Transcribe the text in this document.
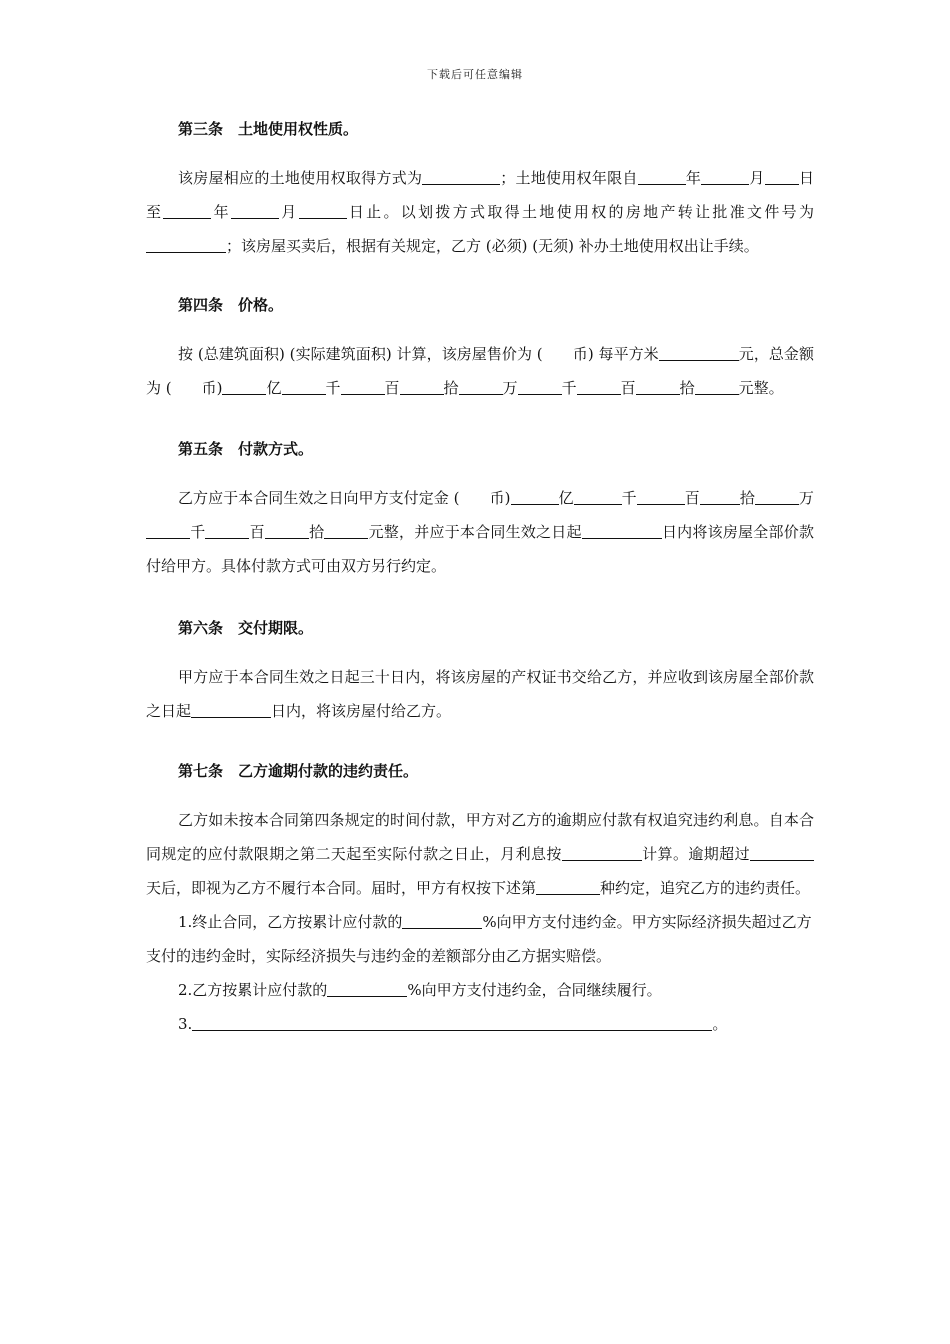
下载后可任意编辑
第三条　土地使用权性质。

该房屋相应的土地使用权取得方式为	；土地使用权年限自	年	月 日至	年	月	日止。以划拨方式取得土地使用权的房地产转让批准文件号为；该房屋买卖后，根据有关规定，乙方 (必须) (无须) 补办土地使用权出让手续。

第四条　价格。

按 (总建筑面积) (实际建筑面积) 计算，该房屋售价为 (　　币) 每平方米	元，总金额为 (　　币)	亿	千	百	拾	万	千	百	拾	元整。

第五条　付款方式。

乙方应于本合同生效之日向甲方支付定金 (　　币)	亿	千	百	拾	万千	百	拾	元整，并应于本合同生效之日起	日内将该房屋全部价款付给甲方。具体付款方式可由双方另行约定。

第六条　交付期限。

甲方应于本合同生效之日起三十日内，将该房屋的产权证书交给乙方，并应收到该房屋全部价款之日起	日内，将该房屋付给乙方。

第七条　乙方逾期付款的违约责任。

乙方如未按本合同第四条规定的时间付款，甲方对乙方的逾期应付款有权追究违约利息。自本合同规定的应付款限期之第二天起至实际付款之日止，月利息按	计算。逾期超过天后，即视为乙方不履行本合同。届时，甲方有权按下述第	种约定，追究乙方的违约责任。

1.终止合同，乙方按累计应付款的	%向甲方支付违约金。甲方实际经济损失超过乙方支付的违约金时，实际经济损失与违约金的差额部分由乙方据实赔偿。

2.乙方按累计应付款的	%向甲方支付违约金，合同继续履行。

3.	。
